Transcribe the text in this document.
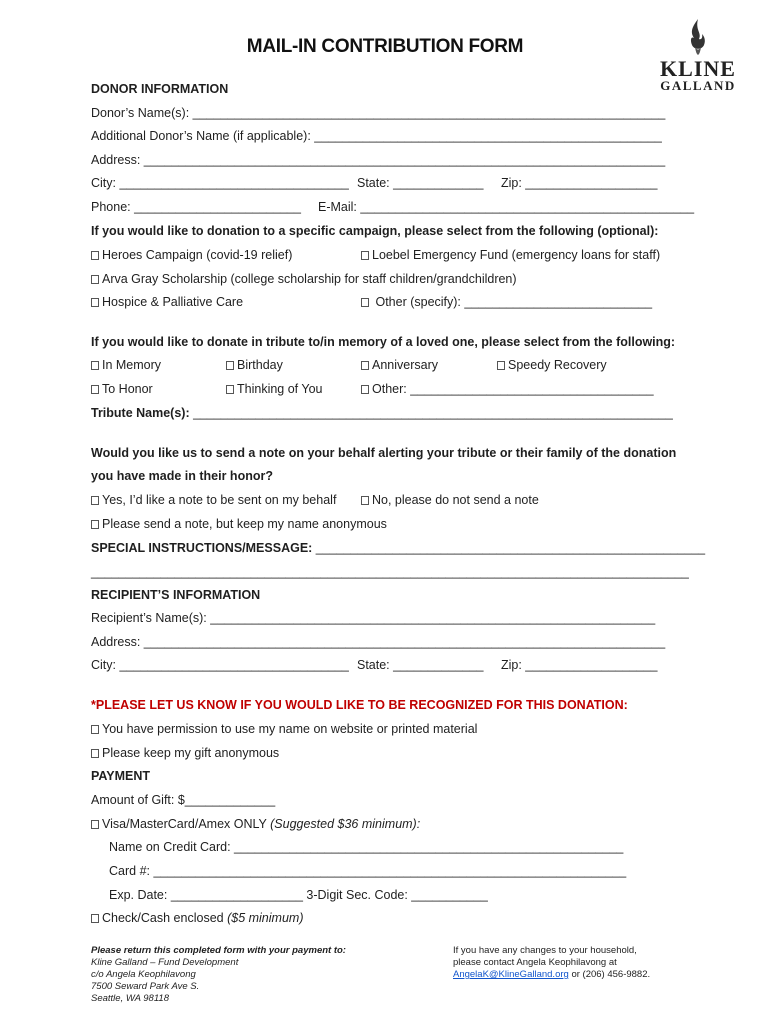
MAIL-IN CONTRIBUTION FORM
KLINE
GALLAND
DONOR INFORMATION
Donor’s Name(s): ____________________________________________________________________
Additional Donor’s Name (if applicable): __________________________________________________
Address: ___________________________________________________________________________
City: _________________________________ State: _____________ Zip: ___________________
Phone: ________________________ E-Mail: ________________________________________________
If you would like to donation to a specific campaign, please select from the following (optional):
Heroes Campaign (covid-19 relief)	Loebel Emergency Fund (emergency loans for staff)
Arva Gray Scholarship (college scholarship for staff children/grandchildren)
Hospice & Palliative Care	Other (specify): ___________________________
If you would like to donate in tribute to/in memory of a loved one, please select from the following:
In Memory	Birthday	Anniversary	Speedy Recovery
To Honor	Thinking of You	Other: ___________________________________
Tribute Name(s): _____________________________________________________________________
Would you like us to send a note on your behalf alerting your tribute or their family of the donation
you have made in their honor?
Yes, I’d like a note to be sent on my behalf	No, please do not send a note
Please send a note, but keep my name anonymous
SPECIAL INSTRUCTIONS/MESSAGE: ________________________________________________________
______________________________________________________________________________________
RECIPIENT’S INFORMATION
Recipient’s Name(s): ________________________________________________________________
Address: ___________________________________________________________________________
City: _________________________________ State: _____________ Zip: ___________________
*PLEASE LET US KNOW IF YOU WOULD LIKE TO BE RECOGNIZED FOR THIS DONATION:
You have permission to use my name on website or printed material
Please keep my gift anonymous
PAYMENT
Amount of Gift: $_____________
Visa/MasterCard/Amex ONLY (Suggested $36 minimum):
Name on Credit Card: ________________________________________________________
Card #: ____________________________________________________________________
Exp. Date: ___________________ 3-Digit Sec. Code: ___________
Check/Cash enclosed ($5 minimum)
Please return this completed form with your payment to:
Kline Galland – Fund Development
c/o Angela Keophilavong
7500 Seward Park Ave S.
Seattle, WA 98118
If you have any changes to your household,
please contact Angela Keophilavong at
AngelaK@KlineGalland.org or (206) 456-9882.
